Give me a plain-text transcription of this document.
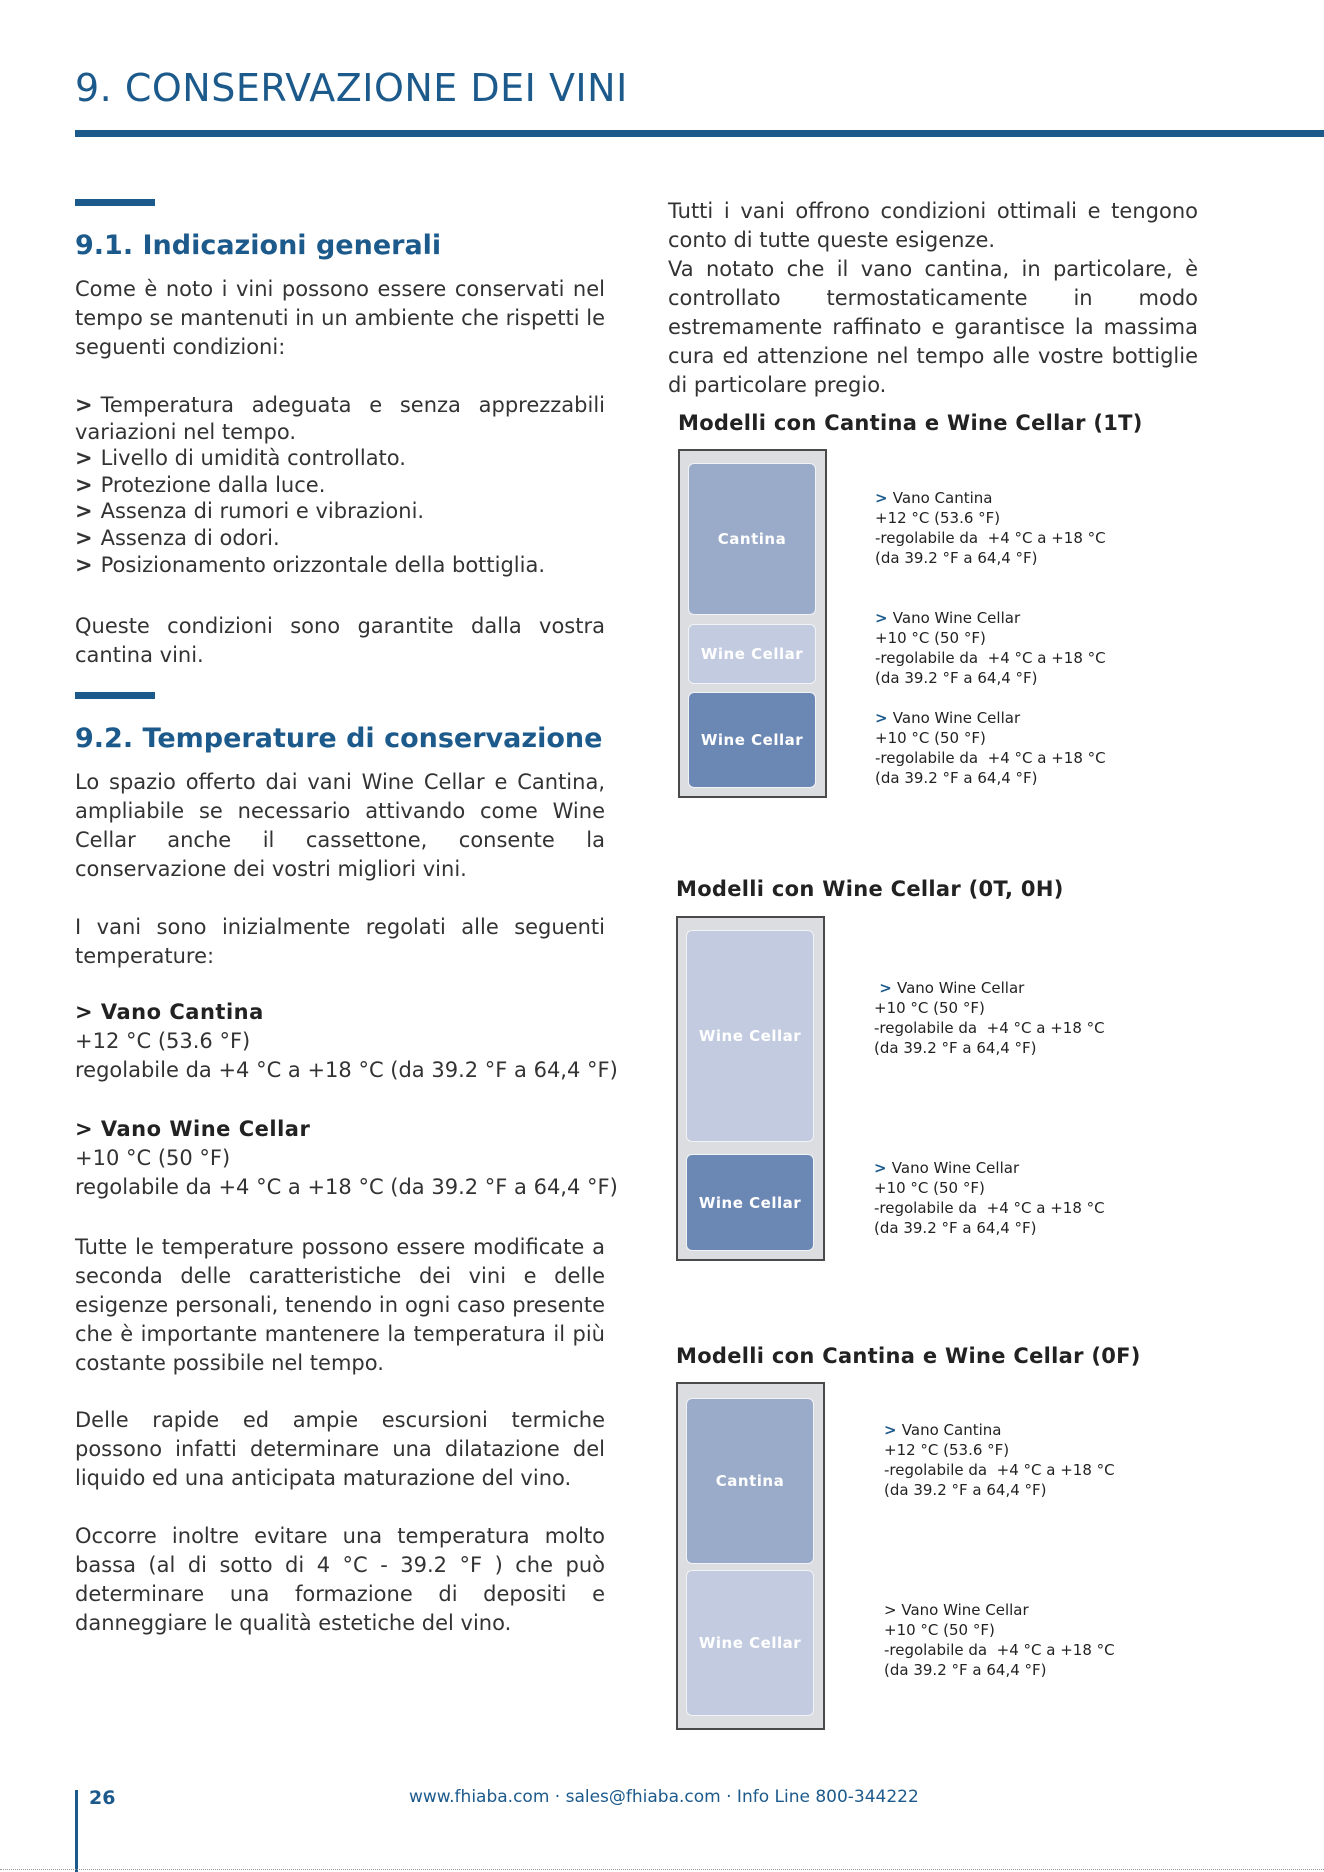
9. CONSERVAZIONE DEI VINI
9.1. Indicazioni generali
Come è noto i vini possono essere conservati nel tempo se mantenuti in un ambiente che rispetti le seguenti condizioni:
> Temperatura adeguata e senza apprezzabili variazioni nel tempo.
> Livello di umidità controllato.
> Protezione dalla luce.
> Assenza di rumori e vibrazioni.
> Assenza di odori.
> Posizionamento orizzontale della bottiglia.
Queste condizioni sono garantite dalla vostra cantina vini.
9.2. Temperature di conservazione
Lo spazio offerto dai vani Wine Cellar e Cantina, ampliabile se necessario attivando come Wine Cellar anche il cassettone, consente la conservazione dei vostri migliori vini.
I vani sono inizialmente regolati alle seguenti temperature:
> Vano Cantina
+12 °C (53.6 °F)
regolabile da +4 °C a +18 °C (da 39.2 °F a 64,4 °F)
> Vano Wine Cellar
+10 °C (50 °F)
regolabile da +4 °C a +18 °C (da 39.2 °F a 64,4 °F)
Tutte le temperature possono essere modificate a seconda delle caratteristiche dei vini e delle esigenze personali, tenendo in ogni caso presente che è importante mantenere la temperatura il più costante possibile nel tempo.
Delle rapide ed ampie escursioni termiche possono infatti determinare una dilatazione del liquido ed una anticipata maturazione del vino.
Occorre inoltre evitare una temperatura molto bassa (al di sotto di 4 °C - 39.2 °F ) che può determinare una formazione di depositi e danneggiare le qualità estetiche del vino.
Tutti i vani offrono condizioni ottimali e tengono conto di tutte queste esigenze.
Va notato che il vano cantina, in particolare, è controllato termostaticamente in modo estremamente raffinato e garantisce la massima cura ed attenzione nel tempo alle vostre bottiglie di particolare pregio.
Modelli con Cantina e Wine Cellar (1T)
Cantina
Wine Cellar
Wine Cellar
> Vano Cantina
+12 °C (53.6 °F)
-regolabile da  +4 °C a +18 °C
(da 39.2 °F a 64,4 °F)
> Vano Wine Cellar
+10 °C (50 °F)
-regolabile da  +4 °C a +18 °C
(da 39.2 °F a 64,4 °F)
> Vano Wine Cellar
+10 °C (50 °F)
-regolabile da  +4 °C a +18 °C
(da 39.2 °F a 64,4 °F)
Modelli con Wine Cellar (0T, 0H)
Wine Cellar
Wine Cellar
> Vano Wine Cellar
+10 °C (50 °F)
-regolabile da  +4 °C a +18 °C
(da 39.2 °F a 64,4 °F)
> Vano Wine Cellar
+10 °C (50 °F)
-regolabile da  +4 °C a +18 °C
(da 39.2 °F a 64,4 °F)
Modelli con Cantina e Wine Cellar (0F)
Cantina
Wine Cellar
> Vano Cantina
+12 °C (53.6 °F)
-regolabile da  +4 °C a +18 °C
(da 39.2 °F a 64,4 °F)
> Vano Wine Cellar
+10 °C (50 °F)
-regolabile da  +4 °C a +18 °C
(da 39.2 °F a 64,4 °F)
26	www.fhiaba.com · sales@fhiaba.com · Info Line 800-344222
